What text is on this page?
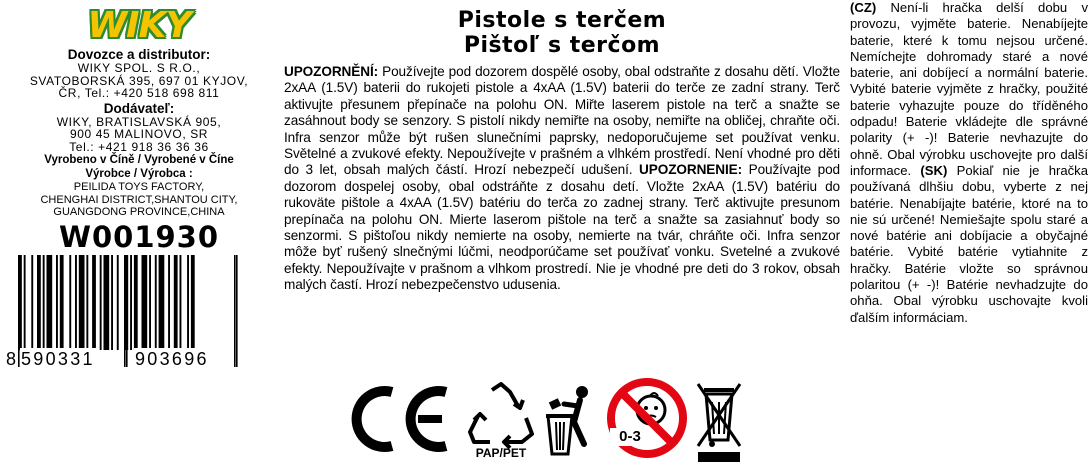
WIKY
Dovozce a distributor:
WIKY SPOL. S R.O.,
SVATOBORSKÁ 395, 697 01 KYJOV,
ČR, Tel.: +420 518 698 811
Dodávateľ:
WIKY, BRATISLAVSKÁ 905,
900 45 MALINOVO, SR
Tel.: +421 918 36 36 36
Vyrobeno v Číně / Vyrobené v Číne
Výrobce / Výrobca :
PEILIDA TOYS FACTORY,
CHENGHAI DISTRICT,SHANTOU CITY,
GUANGDONG PROVINCE,CHINA
W001930
8 590331 903696
Pistole s terčem
Pištoľ s terčom
UPOZORNĚNÍ: Používejte pod dozorem dospělé osoby, obal odstraňte z dosahu dětí. Vložte 2xAA (1.5V) baterii do rukojeti pistole a 4xAA (1.5V) baterii do terče ze zadní strany. Terč aktivujte přesunem přepínače na polohu ON. Miřte laserem pistole na terč a snažte se zasáhnout body se senzory. S pistolí nikdy nemiřte na osoby, nemiřte na obličej, chraňte oči. Infra senzor může být rušen slunečními paprsky, nedoporučujeme set používat venku. Světelné a zvukové efekty. Nepoužívejte v prašném a vlhkém prostředí. Není vhodné pro děti do 3 let, obsah malých částí. Hrozí nebezpečí udušení. UPOZORNENIE: Používajte pod dozorom dospelej osoby, obal odstráňte z dosahu detí. Vložte 2xAA (1.5V) batériu do rukoväte pištole a 4xAA (1.5V) batériu do terča zo zadnej strany. Terč aktivujte presunom prepínača na polohu ON. Mierte laserom pištole na terč a snažte sa zasiahnuť body so senzormi. S pištoľou nikdy nemierte na osoby, nemierte na tvár, chráňte oči. Infra senzor môže byť rušený slnečnými lúčmi, neodporúčame set používať vonku. Svetelné a zvukové efekty. Nepoužívajte v prašnom a vlhkom prostredí. Nie je vhodné pre deti do 3 rokov, obsah malých častí. Hrozí nebezpečenstvo udusenia.
PAP/PET
0-3
(CZ) Není-li hračka delší dobu v provozu, vyjměte baterie. Nenabíjejte baterie, které k tomu nejsou určené. Nemíchejte dohromady staré a nové baterie, ani dobíjecí a normální baterie. Vybité baterie vyjměte z hračky, použité baterie vyhazujte pouze do tříděného odpadu! Baterie vkládejte dle správné polarity (+ -)! Baterie nevhazujte do ohně. Obal výrobku uschovejte pro další informace. (SK) Pokiaľ nie je hračka používaná dlhšiu dobu, vyberte z nej batérie. Nenabíjajte batérie, ktoré na to nie sú určené! Nemiešajte spolu staré a nové batérie ani dobíjacie a obyčajné batérie. Vybité batérie vytiahnite z hračky. Batérie vložte so správnou polaritou (+ -)! Batérie nevhadzujte do ohňa. Obal výrobku uschovajte kvoli ďalším informáciam.
